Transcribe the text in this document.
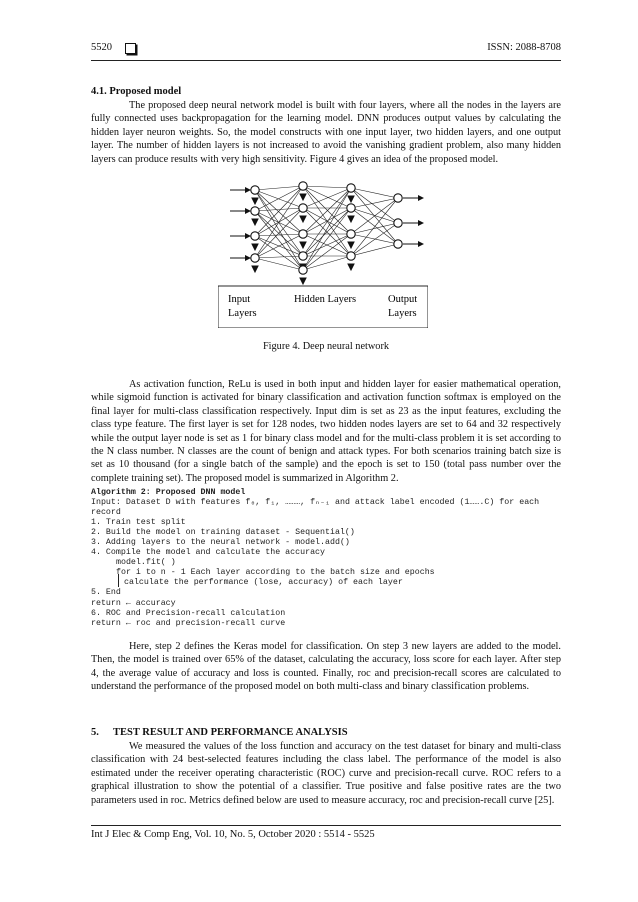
5520	ISSN: 2088-8708
4.1. Proposed model

The proposed deep neural network model is built with four layers, where all the nodes in the layers are fully connected uses backpropagation for the learning model. DNN produces output values by calculating the hidden layer neuron weights. So, the model constructs with one input layer, two hidden layers, and one output layer. The number of hidden layers is not increased to avoid the vanishing gradient problem, also many hidden layers can produce results with very high sensitivity. Figure 4 gives an idea of the proposed model.

Input
Layers
Hidden Layers	Output
Layers
Figure 4. Deep neural network

As activation function, ReLu is used in both input and hidden layer for easier mathematical operation, while sigmoid function is activated for binary classification and activation function softmax is employed on the final layer for multi-class classification respectively. Input dim is set as 23 as the input features, excluding the class type feature. The first layer is set for 128 nodes, two hidden nodes layers are set to 64 and 32 respectively while the output layer node is set as 1 for binary class model and for the multi-class problem it is set according to the N class number. N classes are the count of benign and attack types. For both scenarios training batch size is set as 10 thousand (for a single batch of the sample) and the epoch is set to 150 (total pass number over the complete training set). The proposed model is summarized in Algorithm 2.

Algorithm 2: Proposed DNN model
Input: Dataset D with features f₀, f₁, ………, fₙ₋₁ and attack label encoded (1…….C) for each
record
1. Train test split
2. Build the model on training dataset - Sequential()
3. Adding layers to the neural network - model.add()
4. Compile the model and calculate the accuracy
model.fit( )
for i to n - 1 Each layer according to the batch size and epochs
calculate the performance (lose, accuracy) of each layer
5. End
return ← accuracy
6. ROC and Precision-recall calculation
return ← roc and precision-recall curve

Here, step 2 defines the Keras model for classification. On step 3 new layers are added to the model. Then, the model is trained over 65% of the dataset, calculating the accuracy, loss score for each layer. After step 4, the average value of accuracy and loss is counted. Finally, roc and precision-recall scores are calculated to understand the performance of the proposed model on both multi-class and binary classification problems.

5. TEST RESULT AND PERFORMANCE ANALYSIS

We measured the values of the loss function and accuracy on the test dataset for binary and multi-class classification with 24 best-selected features including the class label. The performance of the model is also estimated under the receiver operating characteristic (ROC) curve and precision-recall curve. ROC refers to a graphical illustration to show the potential of a classifier. True positive and false positive rates are the two parameters used in roc. Metrics defined below are used to measure accuracy, roc and precision-recall curve [25].

Int J Elec & Comp Eng, Vol. 10, No. 5, October 2020 : 5514 - 5525
